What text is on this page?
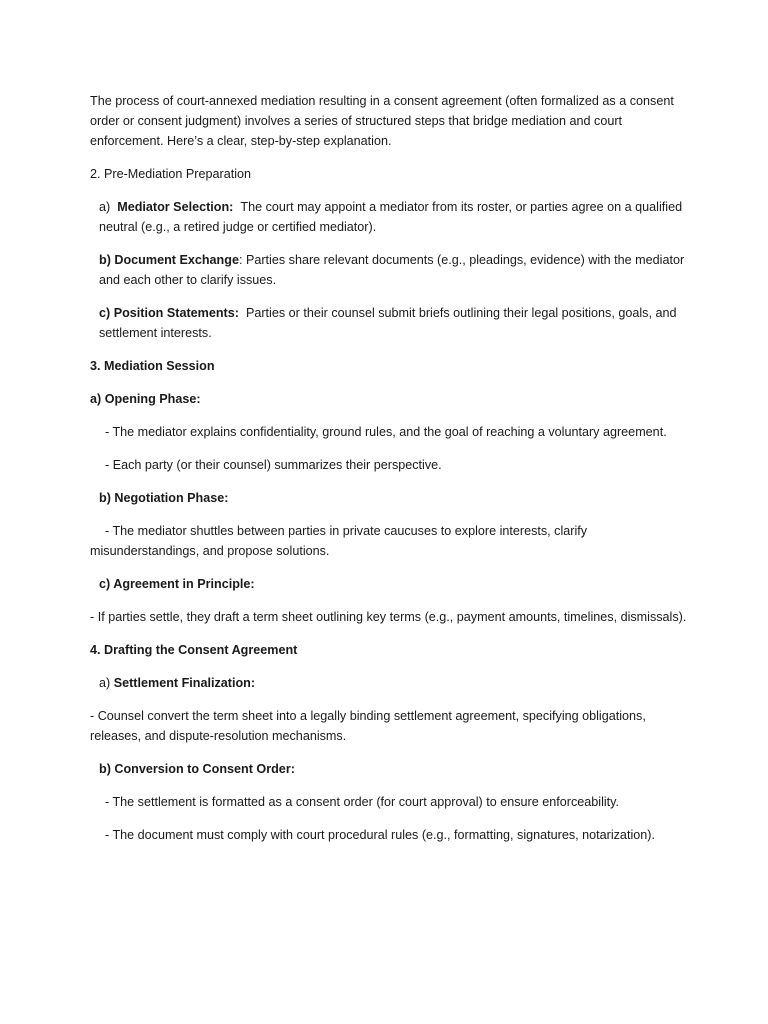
The process of court-annexed mediation resulting in a consent agreement (often formalized as a consent order or consent judgment) involves a series of structured steps that bridge mediation and court enforcement. Here’s a clear, step-by-step explanation.

2. Pre-Mediation Preparation

a) Mediator Selection: The court may appoint a mediator from its roster, or parties agree on a qualified neutral (e.g., a retired judge or certified mediator).

b) Document Exchange: Parties share relevant documents (e.g., pleadings, evidence) with the mediator and each other to clarify issues.

c) Position Statements: Parties or their counsel submit briefs outlining their legal positions, goals, and settlement interests.

3. Mediation Session

a) Opening Phase:

- The mediator explains confidentiality, ground rules, and the goal of reaching a voluntary agreement.

- Each party (or their counsel) summarizes their perspective.

b) Negotiation Phase:

- The mediator shuttles between parties in private caucuses to explore interests, clarify misunderstandings, and propose solutions.

c) Agreement in Principle:

- If parties settle, they draft a term sheet outlining key terms (e.g., payment amounts, timelines, dismissals).

4. Drafting the Consent Agreement

a) Settlement Finalization:

- Counsel convert the term sheet into a legally binding settlement agreement, specifying obligations, releases, and dispute-resolution mechanisms.

b) Conversion to Consent Order:

- The settlement is formatted as a consent order (for court approval) to ensure enforceability.

- The document must comply with court procedural rules (e.g., formatting, signatures, notarization).
